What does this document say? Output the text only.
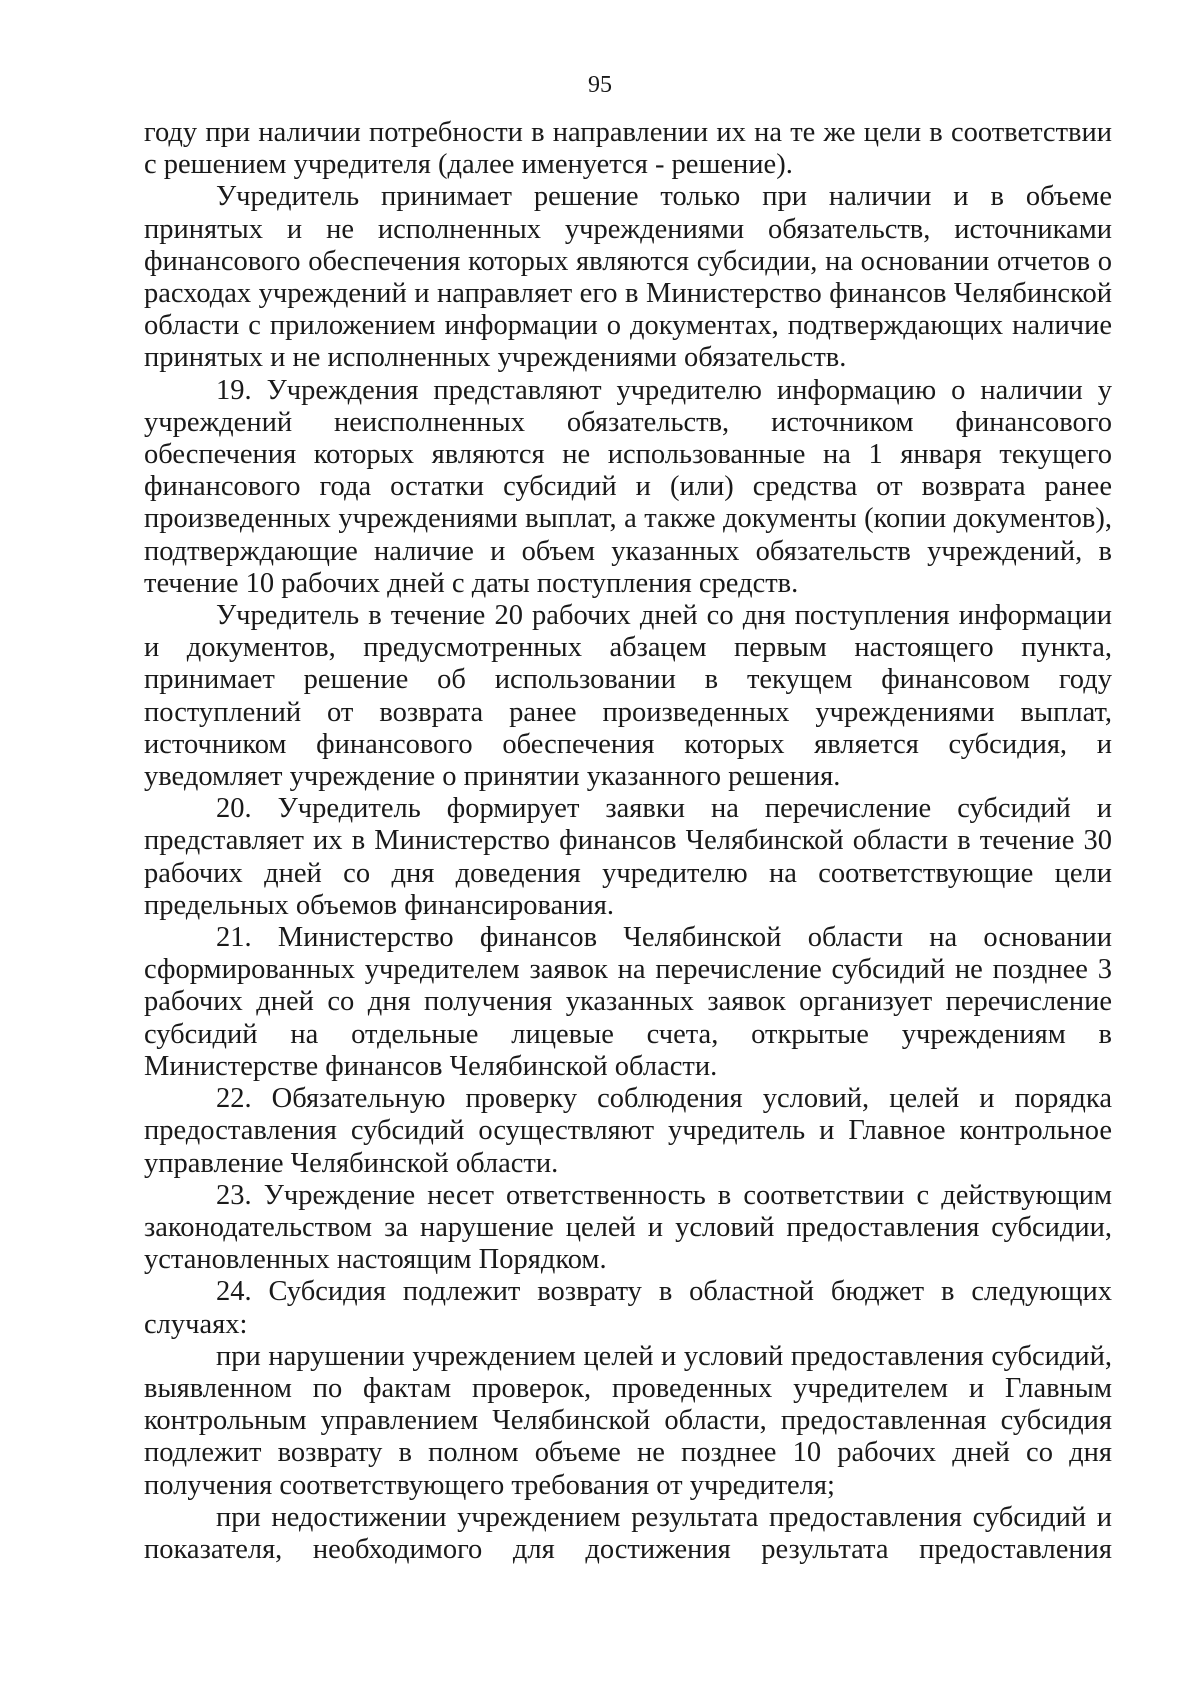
95

году при наличии потребности в направлении их на те же цели в соответствии с решением учредителя (далее именуется - решение).

Учредитель принимает решение только при наличии и в объеме принятых и не исполненных учреждениями обязательств, источниками финансового обеспечения которых являются субсидии, на основании отчетов о расходах учреждений и направляет его в Министерство финансов Челябинской области с приложением информации о документах, подтверждающих наличие принятых и не исполненных учреждениями обязательств.

19. Учреждения представляют учредителю информацию о наличии у учреждений неисполненных обязательств, источником финансового обеспечения которых являются не использованные на 1 января текущего финансового года остатки субсидий и (или) средства от возврата ранее произведенных учреждениями выплат, а также документы (копии документов), подтверждающие наличие и объем указанных обязательств учреждений, в течение 10 рабочих дней с даты поступления средств.

Учредитель в течение 20 рабочих дней со дня поступления информации и документов, предусмотренных абзацем первым настоящего пункта, принимает решение об использовании в текущем финансовом году поступлений от возврата ранее произведенных учреждениями выплат, источником финансового обеспечения которых является субсидия, и уведомляет учреждение о принятии указанного решения.

20. Учредитель формирует заявки на перечисление субсидий и представляет их в Министерство финансов Челябинской области в течение 30 рабочих дней со дня доведения учредителю на соответствующие цели предельных объемов финансирования.

21. Министерство финансов Челябинской области на основании сформированных учредителем заявок на перечисление субсидий не позднее 3 рабочих дней со дня получения указанных заявок организует перечисление субсидий на отдельные лицевые счета, открытые учреждениям в Министерстве финансов Челябинской области.

22. Обязательную проверку соблюдения условий, целей и порядка предоставления субсидий осуществляют учредитель и Главное контрольное управление Челябинской области.

23. Учреждение несет ответственность в соответствии с действующим законодательством за нарушение целей и условий предоставления субсидии, установленных настоящим Порядком.

24. Субсидия подлежит возврату в областной бюджет в следующих случаях:

при нарушении учреждением целей и условий предоставления субсидий, выявленном по фактам проверок, проведенных учредителем и Главным контрольным управлением Челябинской области, предоставленная субсидия подлежит возврату в полном объеме не позднее 10 рабочих дней со дня получения соответствующего требования от учредителя;

при недостижении учреждением результата предоставления субсидий и показателя, необходимого для достижения результата предоставления
